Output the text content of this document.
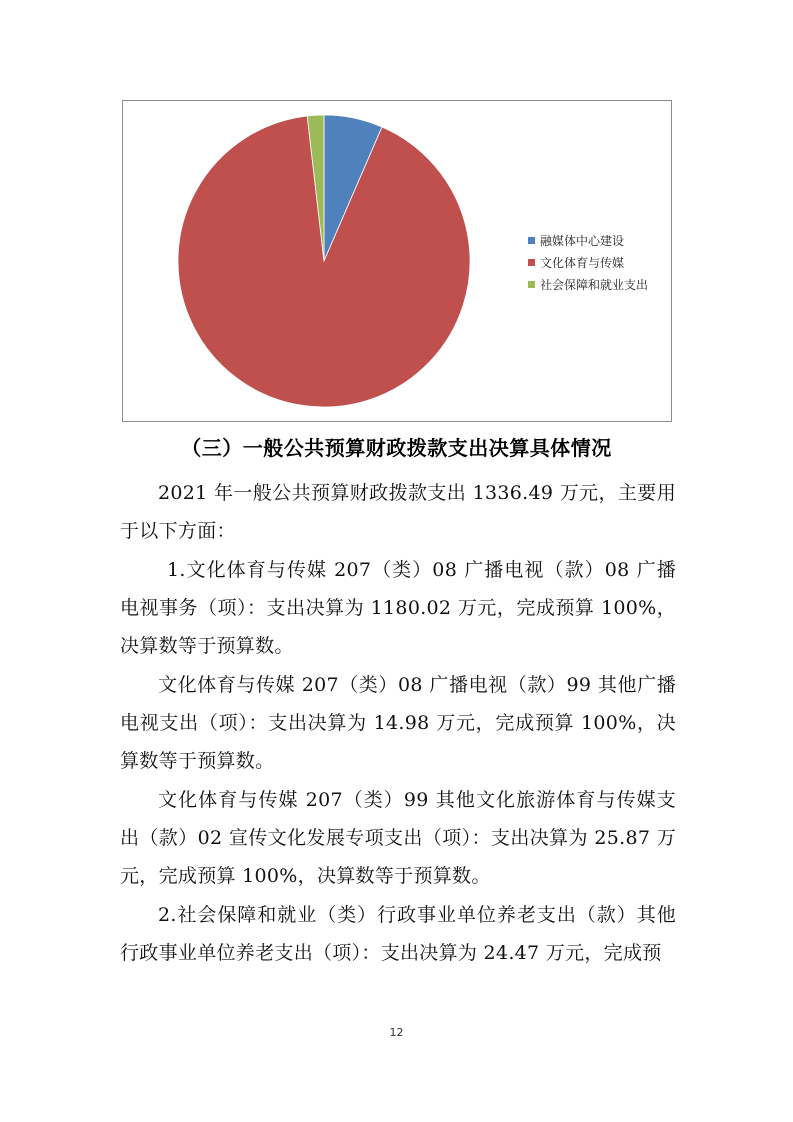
融媒体中心建设
文化体育与传媒
社会保障和就业支出
（三）一般公共预算财政拨款支出决算具体情况

2021 年一般公共预算财政拨款支出 1336.49 万元，主要用于以下方面：

1.文化体育与传媒 207（类）08 广播电视（款）08 广播电视事务（项）：支出决算为 1180.02 万元，完成预算 100%，决算数等于预算数。

文化体育与传媒 207（类）08 广播电视（款）99 其他广播电视支出（项）：支出决算为 14.98 万元，完成预算 100%，决算数等于预算数。

文化体育与传媒 207（类）99 其他文化旅游体育与传媒支出（款）02 宣传文化发展专项支出（项）：支出决算为 25.87 万元，完成预算 100%，决算数等于预算数。

2.社会保障和就业（类）行政事业单位养老支出（款）其他行政事业单位养老支出（项）：支出决算为 24.47 万元，完成预

12
